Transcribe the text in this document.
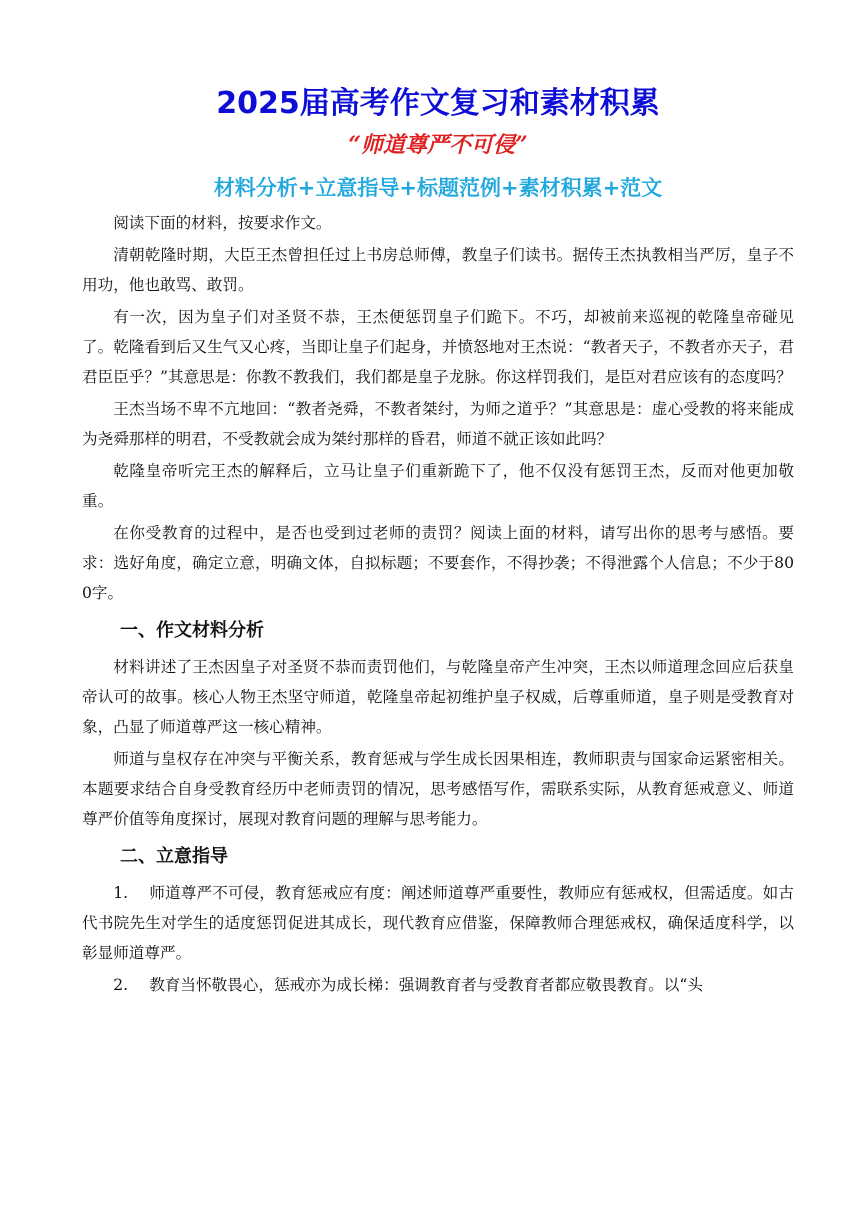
2025届高考作文复习和素材积累
“师道尊严不可侵”
材料分析+立意指导+标题范例+素材积累+范文

阅读下面的材料，按要求作文。

清朝乾隆时期，大臣王杰曾担任过上书房总师傅，教皇子们读书。据传王杰执教相当严厉，皇子不用功，他也敢骂、敢罚。

有一次，因为皇子们对圣贤不恭，王杰便惩罚皇子们跪下。不巧，却被前来巡视的乾隆皇帝碰见了。乾隆看到后又生气又心疼，当即让皇子们起身，并愤怒地对王杰说：“教者天子，不教者亦天子，君君臣臣乎？”其意思是：你教不教我们，我们都是皇子龙脉。你这样罚我们，是臣对君应该有的态度吗？

王杰当场不卑不亢地回：“教者尧舜，不教者桀纣，为师之道乎？”其意思是：虚心受教的将来能成为尧舜那样的明君，不受教就会成为桀纣那样的昏君，师道不就正该如此吗？

乾隆皇帝听完王杰的解释后，立马让皇子们重新跪下了，他不仅没有惩罚王杰，反而对他更加敬重。

在你受教育的过程中，是否也受到过老师的责罚？阅读上面的材料，请写出你的思考与感悟。要求：选好角度，确定立意，明确文体，自拟标题；不要套作，不得抄袭；不得泄露个人信息；不少于800字。

一、作文材料分析

材料讲述了王杰因皇子对圣贤不恭而责罚他们，与乾隆皇帝产生冲突，王杰以师道理念回应后获皇帝认可的故事。核心人物王杰坚守师道，乾隆皇帝起初维护皇子权威，后尊重师道，皇子则是受教育对象，凸显了师道尊严这一核心精神。

师道与皇权存在冲突与平衡关系，教育惩戒与学生成长因果相连，教师职责与国家命运紧密相关。本题要求结合自身受教育经历中老师责罚的情况，思考感悟写作，需联系实际，从教育惩戒意义、师道尊严价值等角度探讨，展现对教育问题的理解与思考能力。

二、立意指导

1. 师道尊严不可侵，教育惩戒应有度：阐述师道尊严重要性，教师应有惩戒权，但需适度。如古代书院先生对学生的适度惩罚促进其成长，现代教育应借鉴，保障教师合理惩戒权，确保适度科学，以彰显师道尊严。

2. 教育当怀敬畏心，惩戒亦为成长梯：强调教育者与受教育者都应敬畏教育。以“头
